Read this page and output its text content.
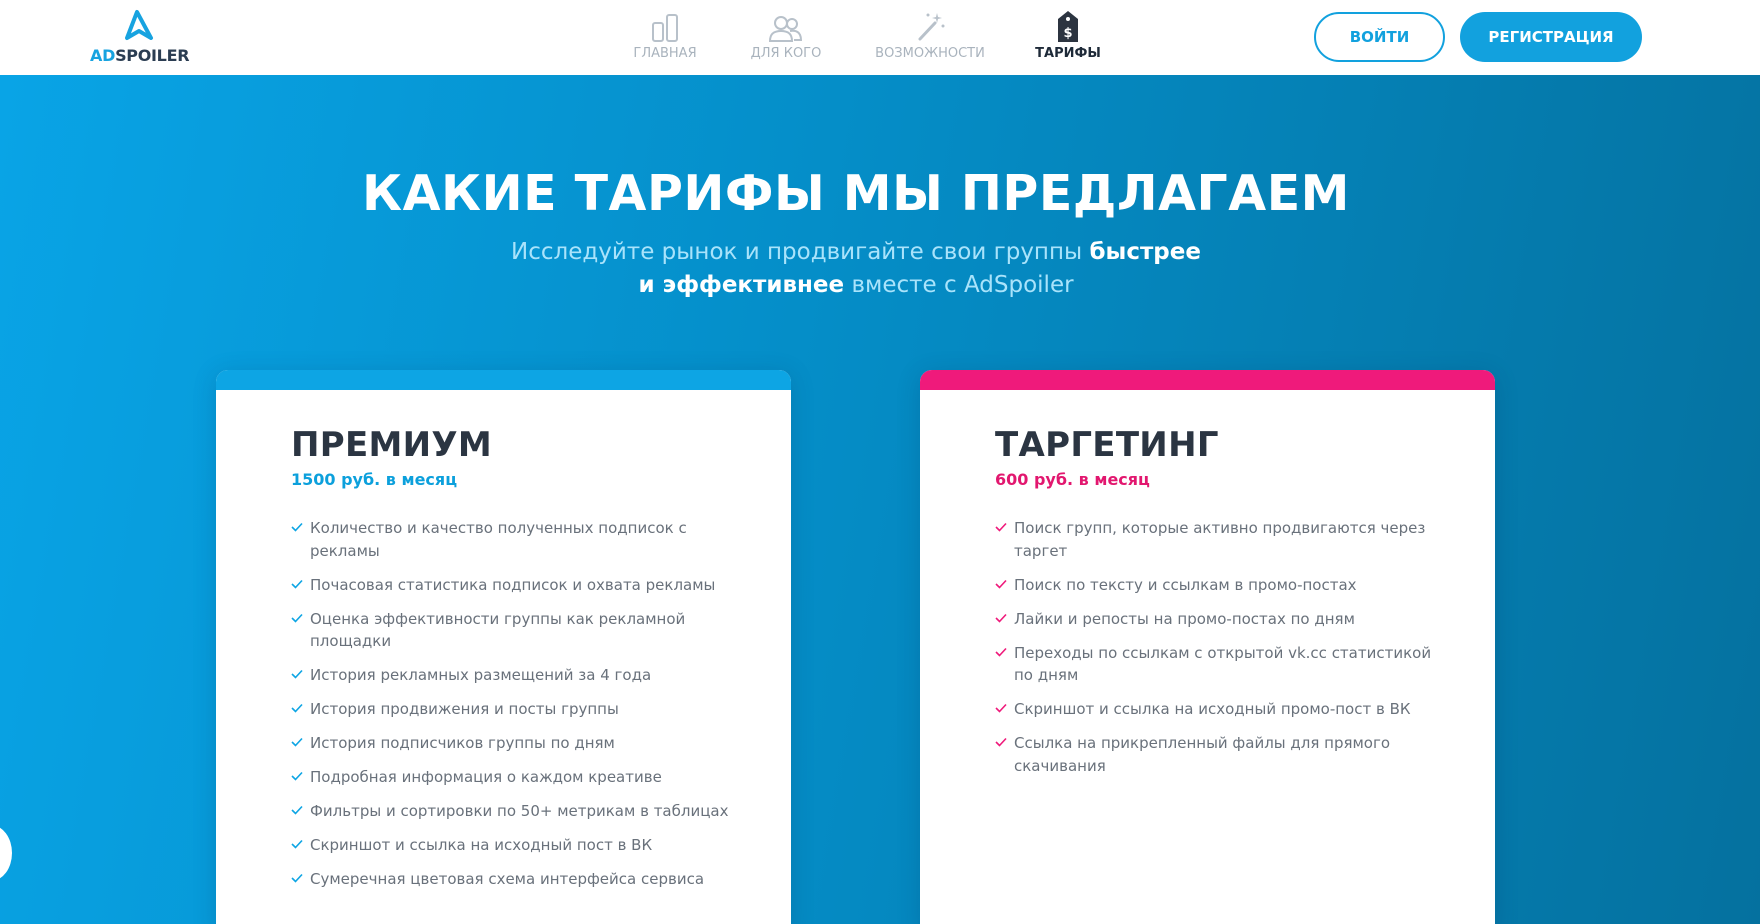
ADSPOILER	ГЛАВНАЯ	ДЛЯ КОГО	ВОЗМОЖНОСТИ
$
ТАРИФЫ
ВОЙТИ	РЕГИСТРАЦИЯ
КАКИЕ ТАРИФЫ МЫ ПРЕДЛАГАЕМ

Исследуйте рынок и продвигайте свои группы быстрее
и эффективнее вместе с AdSpoiler

ПРЕМИУМ
1500 руб. в месяц
Количество и качество полученных подписок с рекламы
Почасовая статистика подписок и охвата рекламы
Оценка эффективности группы как рекламной площадки
История рекламных размещений за 4 года
История продвижения и посты группы
История подписчиков группы по дням
Подробная информация о каждом креативе
Фильтры и сортировки по 50+ метрикам в таблицах
Скриншот и ссылка на исходный пост в ВК
Сумеречная цветовая схема интерфейса сервиса
ТАРГЕТИНГ
600 руб. в месяц
Поиск групп, которые активно продвигаются через таргет
Поиск по тексту и ссылкам в промо-постах
Лайки и репосты на промо-постах по дням
Переходы по ссылкам с открытой vk.cc статистикой по дням
Скриншот и ссылка на исходный промо-пост в ВК
Ссылка на прикрепленный файлы для прямого скачивания
